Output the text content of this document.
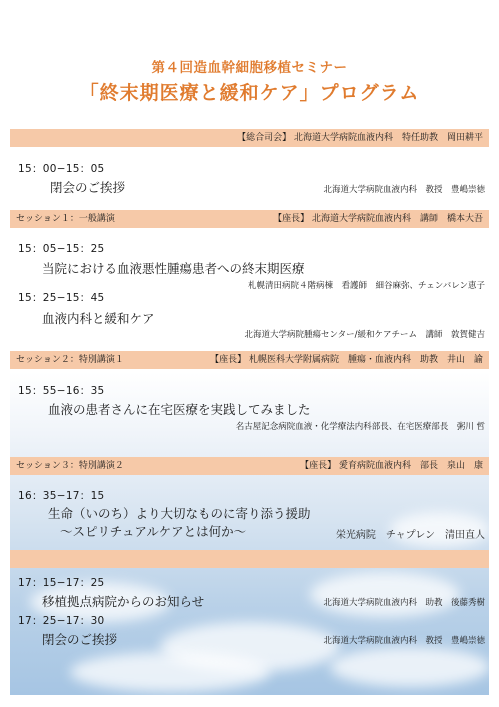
第４回造血幹細胞移植セミナー
「終末期医療と緩和ケア」プログラム
【総合司会】 北海道大学病院血液内科　特任助教　岡田耕平
15：00−15：05
閉会のご挨拶	北海道大学病院血液内科　教授　豊嶋崇徳
セッション１：一般講演	【座長】 北海道大学病院血液内科　講師　橋本大吾
15：05−15：25
当院における血液悪性腫瘍患者への終末期医療
札幌清田病院４階病棟　看護師　細谷麻弥、チェンバレン恵子
15：25−15：45
血液内科と緩和ケア
北海道大学病院腫瘍センター/緩和ケアチーム　講師　敦賀健吉
セッション２：特別講演１	【座長】 札幌医科大学附属病院　腫瘍・血液内科　助教　井山　諭
15：55−16：35
血液の患者さんに在宅医療を実践してみました
名古屋記念病院血液・化学療法内科部長、在宅医療部長　粥川 哲
セッション３：特別講演２	【座長】 愛育病院血液内科　部長　泉山　康
16：35−17：15
生命（いのち）より大切なものに寄り添う援助
〜スピリチュアルケアとは何か〜	栄光病院　チャプレン　清田直人
17：15−17：25
移植拠点病院からのお知らせ	北海道大学病院血液内科　助教　後藤秀樹
17：25−17：30
閉会のご挨拶	北海道大学病院血液内科　教授　豊嶋崇徳
